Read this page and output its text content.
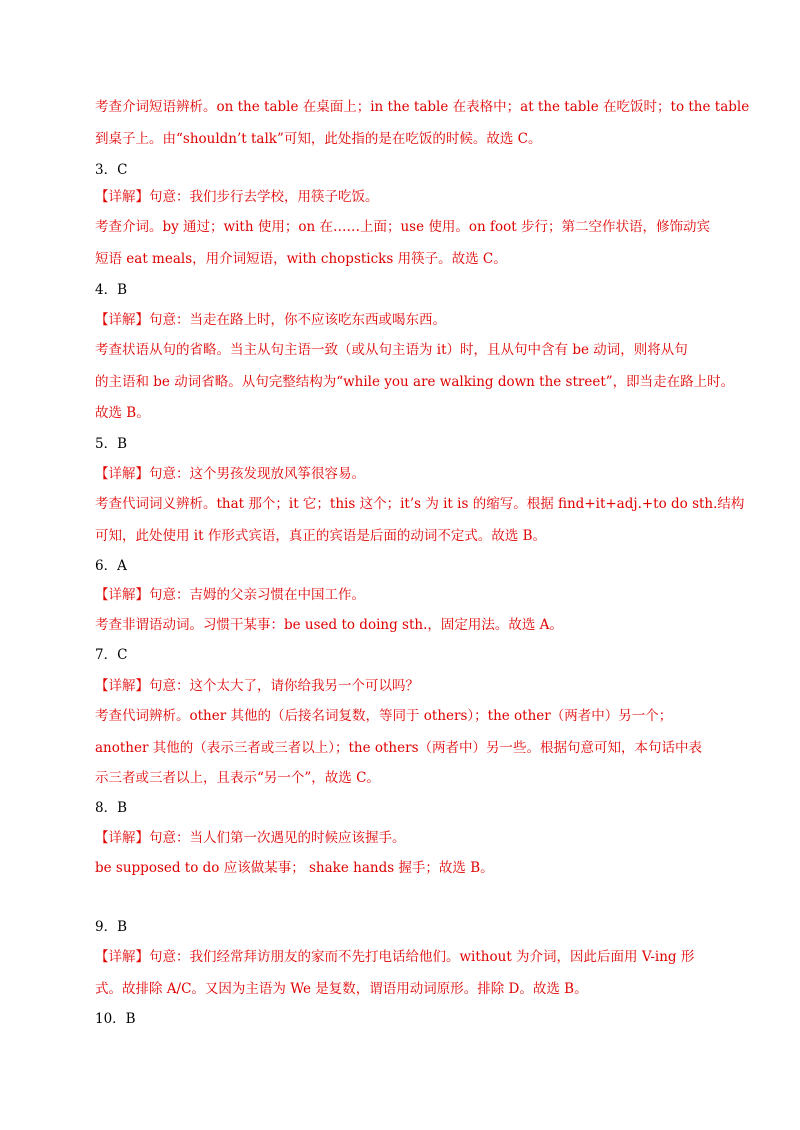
考查介词短语辨析。on the table 在桌面上；in the table 在表格中；at the table 在吃饭时；to the table
到桌子上。由“shouldn’t talk”可知，此处指的是在吃饭的时候。故选 C。
3．C
【详解】句意：我们步行去学校，用筷子吃饭。
考查介词。by 通过；with 使用；on 在……上面；use 使用。on foot 步行；第二空作状语，修饰动宾
短语 eat meals，用介词短语，with chopsticks 用筷子。故选 C。
4．B
【详解】句意：当走在路上时，你不应该吃东西或喝东西。
考查状语从句的省略。当主从句主语一致（或从句主语为 it）时，且从句中含有 be 动词，则将从句
的主语和 be 动词省略。从句完整结构为“while you are walking down the street”，即当走在路上时。
故选 B。
5．B
【详解】句意：这个男孩发现放风筝很容易。
考查代词词义辨析。that 那个；it 它；this 这个；it’s 为 it is 的缩写。根据 find+it+adj.+to do sth.结构
可知，此处使用 it 作形式宾语，真正的宾语是后面的动词不定式。故选 B。
6．A
【详解】句意：吉姆的父亲习惯在中国工作。
考查非谓语动词。习惯干某事：be used to doing sth.，固定用法。故选 A。
7．C
【详解】句意：这个太大了，请你给我另一个可以吗？
考查代词辨析。other 其他的（后接名词复数，等同于 others）；the other（两者中）另一个；
another 其他的（表示三者或三者以上）；the others（两者中）另一些。根据句意可知，本句话中表
示三者或三者以上，且表示“另一个”，故选 C。
8．B
【详解】句意：当人们第一次遇见的时候应该握手。
be supposed to do 应该做某事； shake hands 握手；故选 B。
9．B
【详解】句意：我们经常拜访朋友的家而不先打电话给他们。without 为介词，因此后面用 V-ing 形
式。故排除 A/C。又因为主语为 We 是复数，谓语用动词原形。排除 D。故选 B。
10．B
